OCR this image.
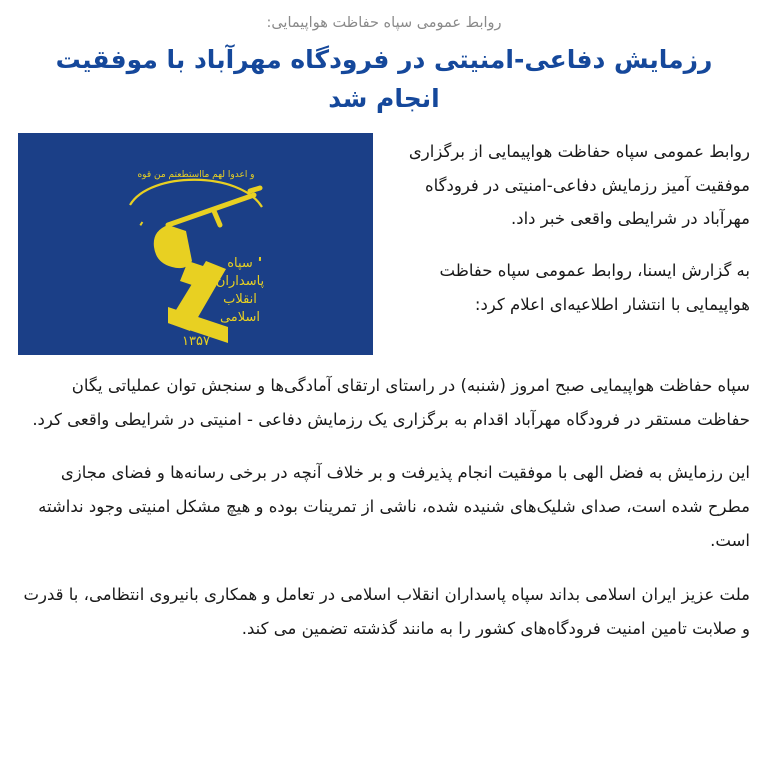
روابط عمومی سپاه حفاظت هواپیمایی:
رزمایش دفاعی-امنیتی در فرودگاه مهرآباد با موفقیت انجام شد
و اعدوا لهم مااستطعتم من قوه
سپاه
پاسداران
انقلاب
اسلامی
۱۳۵۷

روابط عمومی سپاه حفاظت هواپیمایی از برگزاری موفقیت آمیز رزمایش دفاعی-امنیتی در فرودگاه مهرآباد در شرایطی واقعی خبر داد.

به گزارش ایسنا، روابط عمومی سپاه حفاظت هواپیمایی با انتشار اطلاعیه‌ای اعلام کرد:

سپاه حفاظت هواپیمایی صبح امروز (شنبه) در راستای ارتقای آمادگی‌ها و سنجش توان عملیاتی یگان حفاظت مستقر در فرودگاه مهرآباد اقدام به برگزاری یک رزمایش دفاعی - امنیتی در شرایطی واقعی کرد.

این رزمایش به فضل الهی با موفقیت انجام پذیرفت و بر خلاف آنچه در برخی رسانه‌ها و فضای مجازی مطرح شده است، صدای شلیک‌های شنیده شده، ناشی از تمرینات بوده و هیچ مشکل امنیتی وجود نداشته است.

ملت عزیز ایران اسلامی بداند سپاه پاسداران انقلاب اسلامی در تعامل و همکاری بانیروی انتظامی، با قدرت و صلابت تامین امنیت فرودگاه‌های کشور را به مانند گذشته تضمین می کند.
